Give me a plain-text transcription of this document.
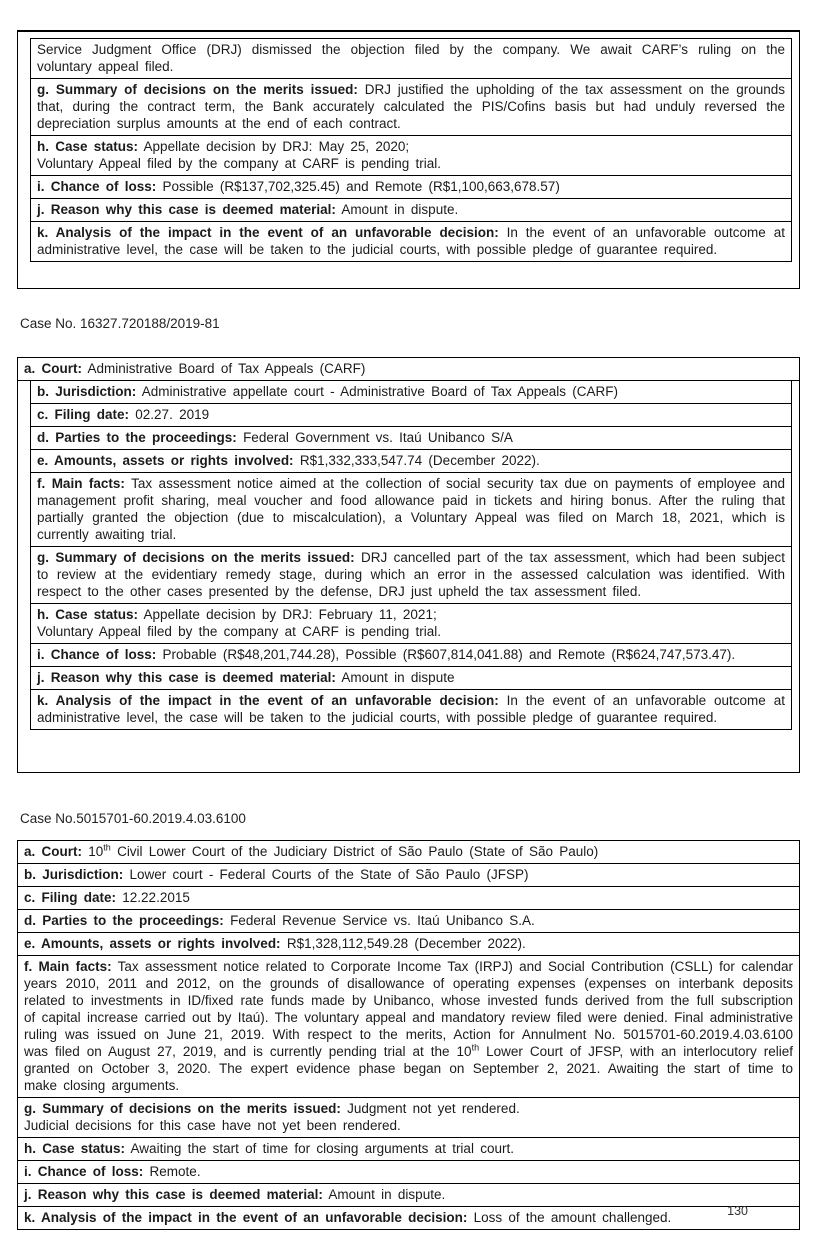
Service Judgment Office (DRJ) dismissed the objection filed by the company. We await CARF’s ruling on the voluntary appeal filed.
g. Summary of decisions on the merits issued: DRJ justified the upholding of the tax assessment on the grounds that, during the contract term, the Bank accurately calculated the PIS/Cofins basis but had unduly reversed the depreciation surplus amounts at the end of each contract.
h. Case status: Appellate decision by DRJ: May 25, 2020;
Voluntary Appeal filed by the company at CARF is pending trial.
i. Chance of loss: Possible (R$137,702,325.45) and Remote (R$1,100,663,678.57)
j. Reason why this case is deemed material: Amount in dispute.
k. Analysis of the impact in the event of an unfavorable decision: In the event of an unfavorable outcome at administrative level, the case will be taken to the judicial courts, with possible pledge of guarantee required.
Case No. 16327.720188/2019-81
a. Court: Administrative Board of Tax Appeals (CARF)
b. Jurisdiction: Administrative appellate court - Administrative Board of Tax Appeals (CARF)
c. Filing date: 02.27. 2019
d. Parties to the proceedings: Federal Government vs. Itaú Unibanco S/A
e. Amounts, assets or rights involved: R$1,332,333,547.74 (December 2022).
f. Main facts: Tax assessment notice aimed at the collection of social security tax due on payments of employee and management profit sharing, meal voucher and food allowance paid in tickets and hiring bonus. After the ruling that partially granted the objection (due to miscalculation), a Voluntary Appeal was filed on March 18, 2021, which is currently awaiting trial.
g. Summary of decisions on the merits issued: DRJ cancelled part of the tax assessment, which had been subject to review at the evidentiary remedy stage, during which an error in the assessed calculation was identified. With respect to the other cases presented by the defense, DRJ just upheld the tax assessment filed.
h. Case status: Appellate decision by DRJ: February 11, 2021;
Voluntary Appeal filed by the company at CARF is pending trial.
i. Chance of loss: Probable (R$48,201,744.28), Possible (R$607,814,041.88) and Remote (R$624,747,573.47).
j. Reason why this case is deemed material: Amount in dispute
k. Analysis of the impact in the event of an unfavorable decision: In the event of an unfavorable outcome at administrative level, the case will be taken to the judicial courts, with possible pledge of guarantee required.
Case No.5015701-60.2019.4.03.6100
a. Court: 10th Civil Lower Court of the Judiciary District of São Paulo (State of São Paulo)
b. Jurisdiction: Lower court - Federal Courts of the State of São Paulo (JFSP)
c. Filing date: 12.22.2015
d. Parties to the proceedings: Federal Revenue Service vs. Itaú Unibanco S.A.
e. Amounts, assets or rights involved: R$1,328,112,549.28 (December 2022).
f. Main facts: Tax assessment notice related to Corporate Income Tax (IRPJ) and Social Contribution (CSLL) for calendar years 2010, 2011 and 2012, on the grounds of disallowance of operating expenses (expenses on interbank deposits related to investments in ID/fixed rate funds made by Unibanco, whose invested funds derived from the full subscription of capital increase carried out by Itaú). The voluntary appeal and mandatory review filed were denied. Final administrative ruling was issued on June 21, 2019. With respect to the merits, Action for Annulment No. 5015701-60.2019.4.03.6100 was filed on August 27, 2019, and is currently pending trial at the 10th Lower Court of JFSP, with an interlocutory relief granted on October 3, 2020. The expert evidence phase began on September 2, 2021. Awaiting the start of time to make closing arguments.
g. Summary of decisions on the merits issued: Judgment not yet rendered.
Judicial decisions for this case have not yet been rendered.
h. Case status: Awaiting the start of time for closing arguments at trial court.
i. Chance of loss: Remote.
j. Reason why this case is deemed material: Amount in dispute.
k. Analysis of the impact in the event of an unfavorable decision: Loss of the amount challenged.	130
